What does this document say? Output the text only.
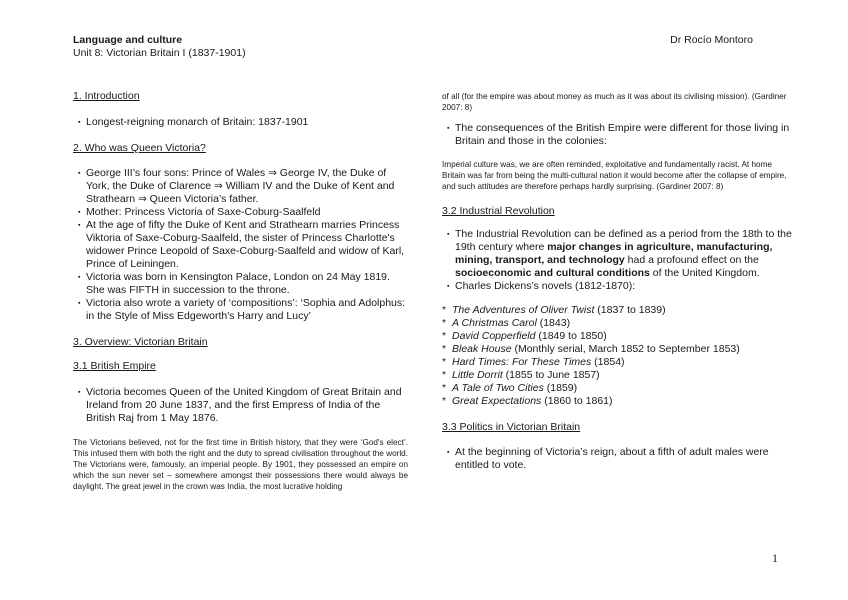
Language and culture
Unit 8: Victorian Britain I (1837-1901)
Dr Rocío Montoro

1. Introduction

▪ Longest-reigning monarch of Britain: 1837-1901

2. Who was Queen Victoria?

▪ George III’s four sons: Prince of Wales ⇒ George IV, the Duke of York, the Duke of Clarence ⇒ William IV and the Duke of Kent and Strathearn ⇒ Queen Victoria’s father.
▪ Mother: Princess Victoria of Saxe-Coburg-Saalfeld
▪ At the age of fifty the Duke of Kent and Strathearn marries Princess Viktoria of Saxe-Coburg-Saalfeld, the sister of Princess Charlotte's widower Prince Leopold of Saxe-Coburg-Saalfeld and widow of Karl, Prince of Leiningen.
▪ Victoria was born in Kensington Palace, London on 24 May 1819. She was FIFTH in succession to the throne.
▪ Victoria also wrote a variety of ‘compositions’: ‘Sophia and Adolphus: in the Style of Miss Edgeworth's Harry and Lucy’

3. Overview: Victorian Britain

3.1 British Empire

▪ Victoria becomes Queen of the United Kingdom of Great Britain and Ireland from 20 June 1837, and the first Empress of India of the British Raj from 1 May 1876.

The Victorians believed, not for the first time in British history, that they were ‘God's elect’. This infused them with both the right and the duty to spread civilisation throughout the world. The Victorians were, famously, an imperial people. By 1901, they possessed an empire on which the sun never set – somewhere amongst their possessions there would always be daylight. The great jewel in the crown was India, the most lucrative holding

of all (for the empire was about money as much as it was about its civilising mission). (Gardiner 2007: 8)

▪ The consequences of the British Empire were different for those living in Britain and those in the colonies:

Imperial culture was, we are often reminded, exploitative and fundamentally racist. At home Britain was far from being the multi-cultural nation it would become after the collapse of empire, and such attitudes are therefore perhaps hardly surprising. (Gardiner 2007: 8)

3.2 Industrial Revolution

▪ The Industrial Revolution can be defined as a period from the 18th to the 19th century where major changes in agriculture, manufacturing, mining, transport, and technology had a profound effect on the socioeconomic and cultural conditions of the United Kingdom.
▪ Charles Dickens’s novels (1812-1870):
* The Adventures of Oliver Twist (1837 to 1839)
* A Christmas Carol (1843)
* David Copperfield (1849 to 1850)
* Bleak House (Monthly serial, March 1852 to September 1853)
* Hard Times: For These Times (1854)
* Little Dorrit (1855 to June 1857)
* A Tale of Two Cities (1859)
* Great Expectations (1860 to 1861)

3.3 Politics in Victorian Britain

▪ At the beginning of Victoria’s reign, about a fifth of adult males were entitled to vote.
1
